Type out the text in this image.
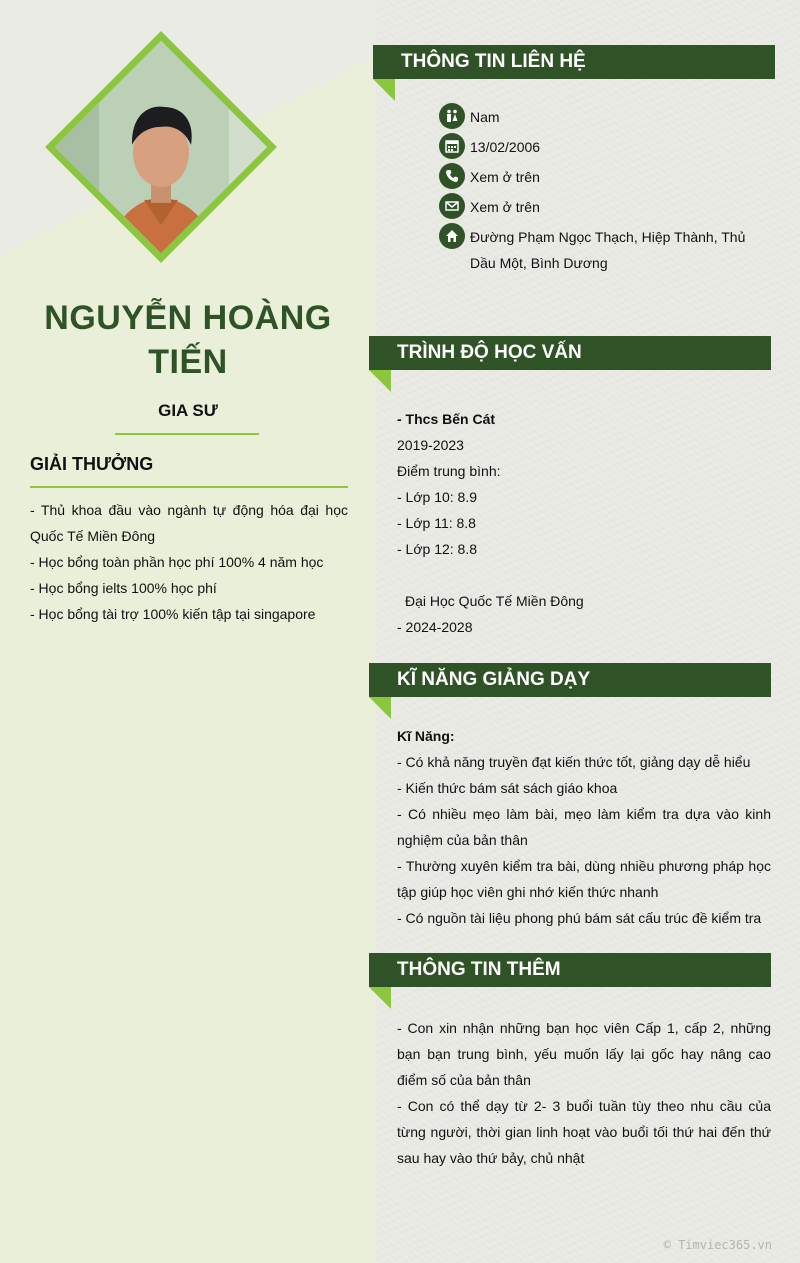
NGUYỄN HOÀNG
TIẾN
GIA SƯ
GIẢI THƯỞNG
- Thủ khoa đầu vào ngành tự động hóa đại học Quốc Tế Miền Đông
- Học bổng toàn phần học phí 100% 4 năm học
- Học bổng ielts 100% học phí
- Học bổng tài trợ 100% kiến tập tại singapore
THÔNG TIN LIÊN HỆ
Nam
13/02/2006
Xem ở trên
Xem ở trên
Đường Phạm Ngọc Thạch, Hiệp Thành, Thủ Dầu Một, Bình Dương
TRÌNH ĐỘ HỌC VẤN
- Thcs Bến Cát
2019-2023
Điểm trung bình:
- Lớp 10: 8.9
- Lớp 11: 8.8
- Lớp 12: 8.8
Đại Học Quốc Tế Miền Đông
- 2024-2028
KĨ NĂNG GIẢNG DẠY
Kĩ Năng:
- Có khả năng truyền đạt kiến thức tốt, giảng dạy dễ hiểu
- Kiến thức bám sát sách giáo khoa
- Có nhiều mẹo làm bài, mẹo làm kiểm tra dựa vào kinh nghiệm của bản thân
- Thường xuyên kiểm tra bài, dùng nhiều phương pháp học tập giúp học viên ghi nhớ kiến thức nhanh
- Có nguồn tài liệu phong phú bám sát cấu trúc đề kiểm tra
THÔNG TIN THÊM
- Con xin nhận những bạn học viên Cấp 1, cấp 2, những bạn bạn trung bình, yếu muốn lấy lại gốc hay nâng cao điểm số của bản thân
- Con có thể dạy từ 2- 3 buổi tuần tùy theo nhu cầu của từng người, thời gian linh hoạt vào buổi tối thứ hai đến thứ sau hay vào thứ bảy, chủ nhật
© Timviec365.vn
